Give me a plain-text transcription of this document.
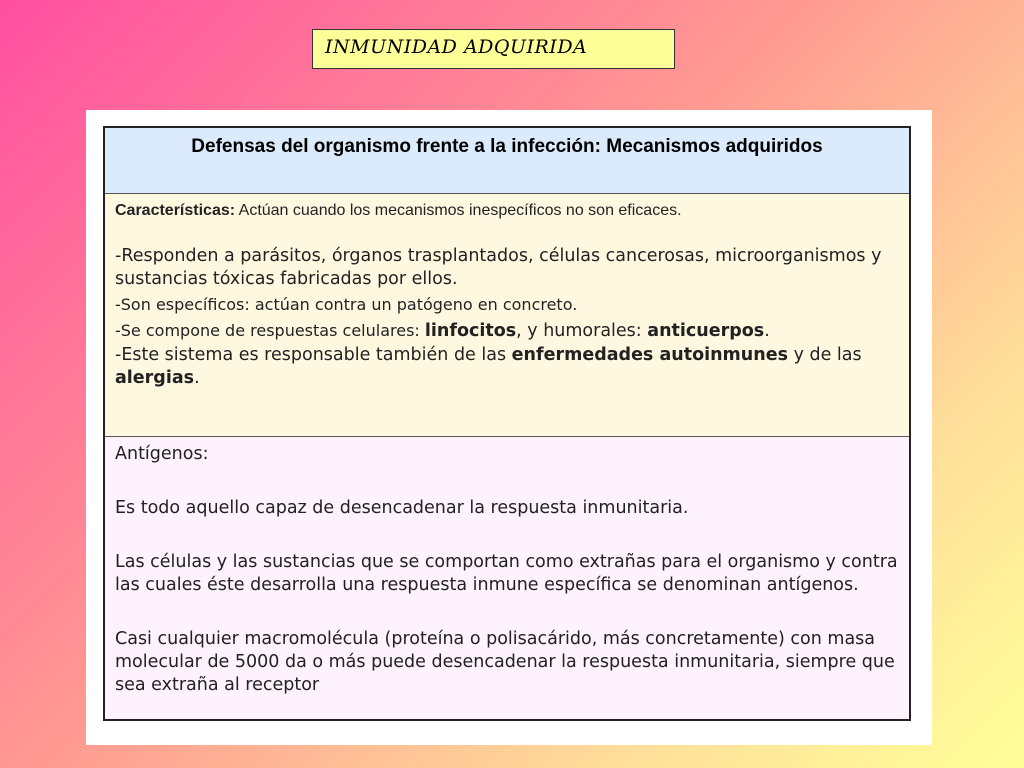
INMUNIDAD ADQUIRIDA
Defensas del organismo frente a la infección: Mecanismos adquiridos

Características: Actúan cuando los mecanismos inespecíficos no son eficaces.

-Responden a parásitos, órganos trasplantados, células cancerosas, microorganismos y sustancias tóxicas fabricadas por ellos.

-Son específicos: actúan contra un patógeno en concreto.

-Se compone de respuestas celulares: linfocitos, y humorales: anticuerpos.

-Este sistema es responsable también de las enfermedades autoinmunes y de las alergias.

Antígenos:

Es todo aquello capaz de desencadenar la respuesta inmunitaria.

Las células y las sustancias que se comportan como extrañas para el organismo y contra las cuales éste desarrolla una respuesta inmune específica se denominan antígenos.

Casi cualquier macromolécula (proteína o polisacárido, más concretamente) con masa molecular de 5000 da o más puede desencadenar la respuesta inmunitaria, siempre que sea extraña al receptor
